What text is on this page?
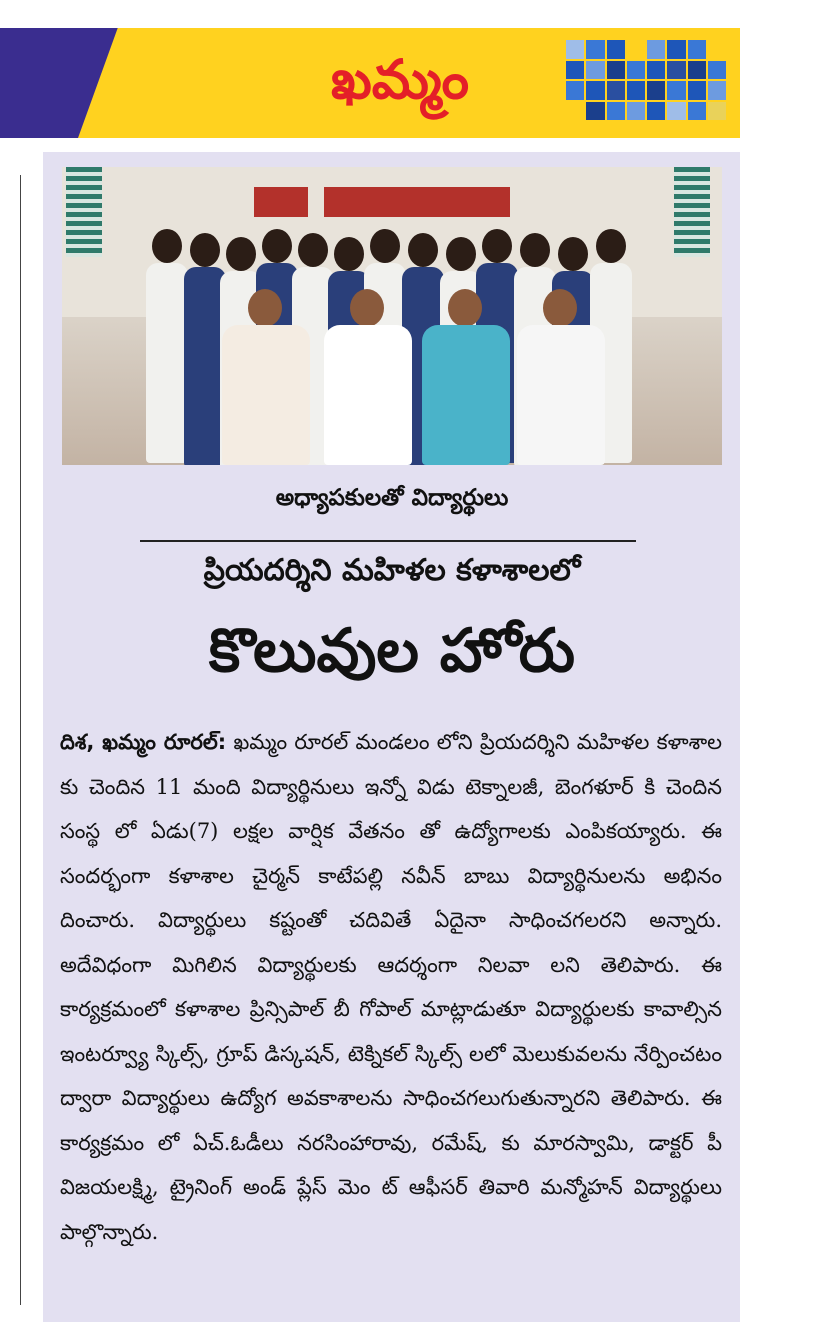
ఖమ్మం
అధ్యాపకులతో విద్యార్థులు
ప్రియదర్శిని మహిళల కళాశాలలో
కొలువుల హోరు

దిశ, ఖమ్మం రూరల్: ఖమ్మం రూరల్ మండలం లోని ప్రియదర్శిని మహిళల కళాశాల కు చెందిన 11 మంది విద్యార్థినులు ఇన్నో విడు టెక్నాలజీ, బెంగళూర్ కి చెందిన సంస్థ లో ఏడు(7) లక్షల వార్షిక వేతనం తో ఉద్యోగాలకు ఎంపికయ్యారు. ఈ సందర్భంగా కళాశాల చైర్మన్ కాటేపల్లి నవీన్ బాబు విద్యార్థినులను అభినం దించారు. విద్యార్థులు కష్టంతో చదివితే ఏదైనా సాధించగలరని అన్నారు. అదేవిధంగా మిగిలిన విద్యార్థులకు ఆదర్శంగా నిలవా లని తెలిపారు. ఈ కార్యక్రమంలో కళాశాల ప్రిన్సిపాల్ బీ గోపాల్ మాట్లాడుతూ విద్యార్థులకు కావాల్సిన ఇంటర్వ్యూ స్కిల్స్, గ్రూప్ డిస్కషన్, టెక్నికల్ స్కిల్స్ లలో మెలుకువలను నేర్పించటం ద్వారా విద్యార్థులు ఉద్యోగ అవకాశాలను సాధించగలుగుతున్నారని తెలిపారు. ఈ కార్యక్రమం లో ఏచ్.ఓడీలు నరసింహారావు, రమేష్, కు మారస్వామి, డాక్టర్ పీ విజయలక్ష్మి, ట్రైనింగ్ అండ్ ప్లేస్ మెం ట్ ఆఫీసర్ తివారి మన్మోహన్ విద్యార్థులు పాల్గొన్నారు.
